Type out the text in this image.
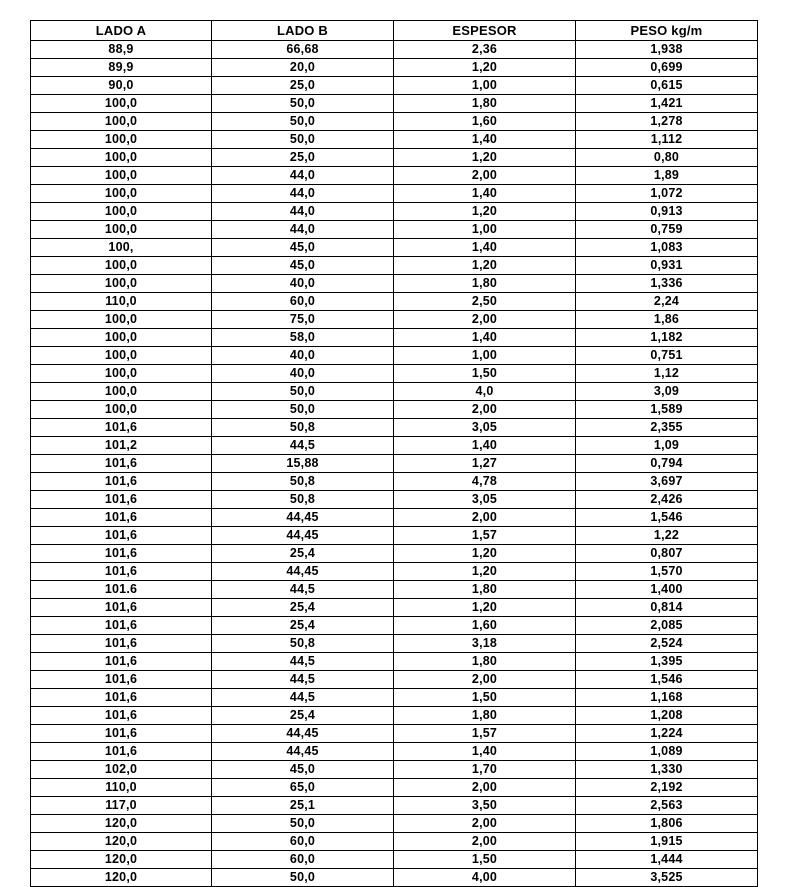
LADO A	LADO B	ESPESOR	PESO kg/m
88,9	66,68	2,36	1,938
89,9	20,0	1,20	0,699
90,0	25,0	1,00	0,615
100,0	50,0	1,80	1,421
100,0	50,0	1,60	1,278
100,0	50,0	1,40	1,112
100,0	25,0	1,20	0,80
100,0	44,0	2,00	1,89
100,0	44,0	1,40	1,072
100,0	44,0	1,20	0,913
100,0	44,0	1,00	0,759
100,	45,0	1,40	1,083
100,0	45,0	1,20	0,931
100,0	40,0	1,80	1,336
110,0	60,0	2,50	2,24
100,0	75,0	2,00	1,86
100,0	58,0	1,40	1,182
100,0	40,0	1,00	0,751
100,0	40,0	1,50	1,12
100,0	50,0	4,0	3,09
100,0	50,0	2,00	1,589
101,6	50,8	3,05	2,355
101,2	44,5	1,40	1,09
101,6	15,88	1,27	0,794
101,6	50,8	4,78	3,697
101,6	50,8	3,05	2,426
101,6	44,45	2,00	1,546
101,6	44,45	1,57	1,22
101,6	25,4	1,20	0,807
101,6	44,45	1,20	1,570
101.6	44,5	1,80	1,400
101,6	25,4	1,20	0,814
101,6	25,4	1,60	2,085
101,6	50,8	3,18	2,524
101,6	44,5	1,80	1,395
101,6	44,5	2,00	1,546
101,6	44,5	1,50	1,168
101,6	25,4	1,80	1,208
101,6	44,45	1,57	1,224
101,6	44,45	1,40	1,089
102,0	45,0	1,70	1,330
110,0	65,0	2,00	2,192
117,0	25,1	3,50	2,563
120,0	50,0	2,00	1,806
120,0	60,0	2,00	1,915
120,0	60,0	1,50	1,444
120,0	50,0	4,00	3,525
